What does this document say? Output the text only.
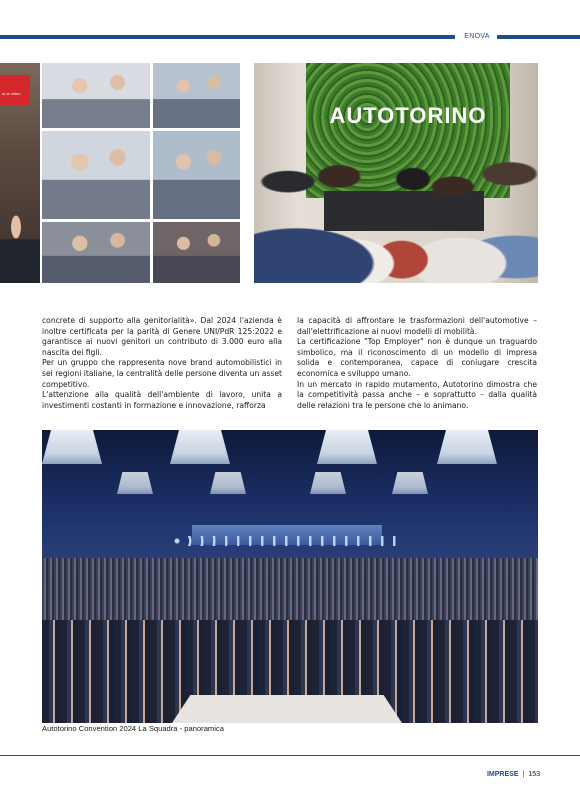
ENOVA
ui or video
AUTOTORINO

concrete di supporto alla genitorialità». Dal 2024 l'azienda è inoltre certificata per la parità di Genere UNI/PdR 125:2022 e garantisce ai nuovi genitori un contributo di 3.000 euro alla nascita dei figli.

Per un gruppo che rappresenta nove brand automobilistici in sei regioni italiane, la centralità delle persone diventa un asset competitivo.

L'attenzione alla qualità dell'ambiente di lavoro, unita a investimenti costanti in formazione e innovazione, rafforza

la capacità di affrontare le trasformazioni dell'automotive – dall'elettrificazione ai nuovi modelli di mobilità.

La certificazione "Top Employer" non è dunque un traguardo simbolico, ma il riconoscimento di un modello di impresa solida e contemporanea, capace di coniugare crescita economica e sviluppo umano.

In un mercato in rapido mutamento, Autotorino dimostra che la competitività passa anche – e soprattutto – dalla qualità delle relazioni tra le persone che lo animano.

Autotorino Convention 2024 La Squadra - panoramica
IMPRESE | 153
